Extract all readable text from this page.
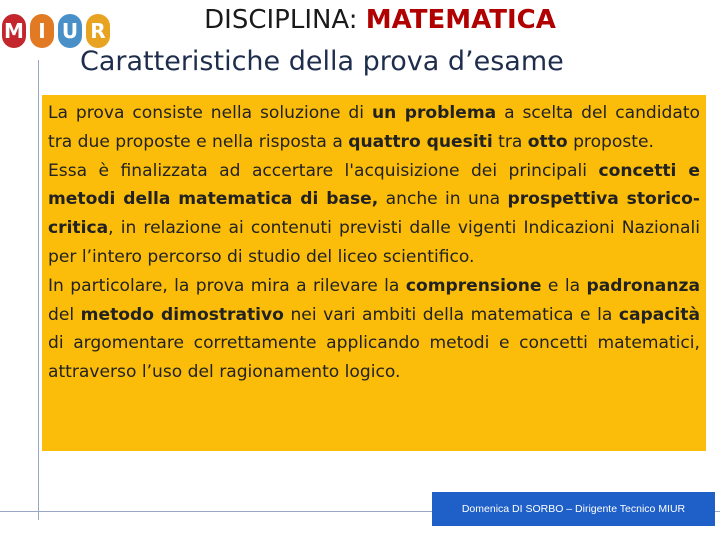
M I U R	DISCIPLINA: MATEMATICA
Caratteristiche della prova d’esame

La prova consiste nella soluzione di un problema a scelta del candidato tra due proposte e nella risposta a quattro quesiti tra otto proposte.

Essa è finalizzata ad accertare l'acquisizione dei principali concetti e metodi della matematica di base, anche in una prospettiva storico-critica, in relazione ai contenuti previsti dalle vigenti Indicazioni Nazionali per l’intero percorso di studio del liceo scientifico.

In particolare, la prova mira a rilevare la comprensione e la padronanza del metodo dimostrativo nei vari ambiti della matematica e la capacità di argomentare correttamente applicando metodi e concetti matematici, attraverso l’uso del ragionamento logico.

Domenica DI SORBO – Dirigente Tecnico MIUR
